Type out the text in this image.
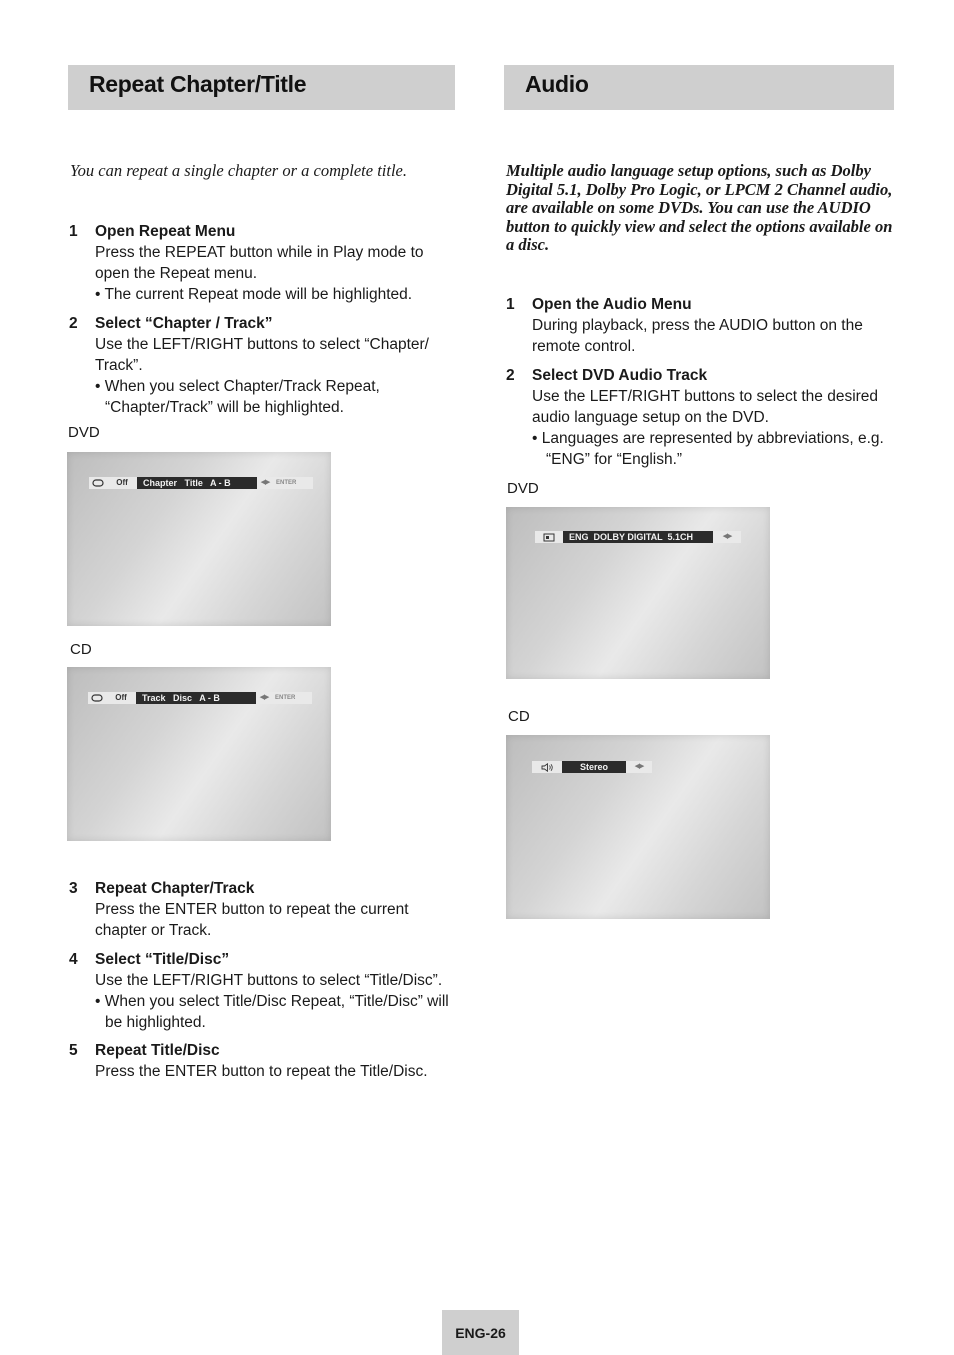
Repeat Chapter/Title
You can repeat a single chapter or a complete title.
1	Open Repeat Menu
Press the REPEAT button while in Play mode to open the Repeat menu.
• The current Repeat mode will be highlighted.
2	Select “Chapter / Track”
Use the LEFT/RIGHT buttons to select “Chapter/ Track”.
• When you select Chapter/Track Repeat, “Chapter/Track” will be highlighted.
DVD
Off	Chapter   Title   A - B	◀▶	ENTER
CD
Off	Track   Disc   A - B	◀▶	ENTER
3	Repeat Chapter/Track
Press the ENTER button to repeat the current chapter or Track.
4	Select “Title/Disc”
Use the LEFT/RIGHT buttons to select “Title/Disc”.
• When you select Title/Disc Repeat, “Title/Disc” will be highlighted.
5	Repeat Title/Disc
Press the ENTER button to repeat the Title/Disc.
Audio
Multiple audio language setup options, such as Dolby Digital 5.1, Dolby Pro Logic, or LPCM 2 Channel audio, are available on some DVDs. You can use the AUDIO button to quickly view and select the options available on a disc.
1	Open the Audio Menu
During playback, press the AUDIO button on the remote control.
2	Select DVD Audio Track
Use the LEFT/RIGHT buttons to select the desired audio language setup on the DVD.
• Languages are represented by abbreviations, e.g. “ENG” for “English.”
DVD
ENG  DOLBY DIGITAL  5.1CH	◀▶
CD
Stereo	◀▶
ENG-26
